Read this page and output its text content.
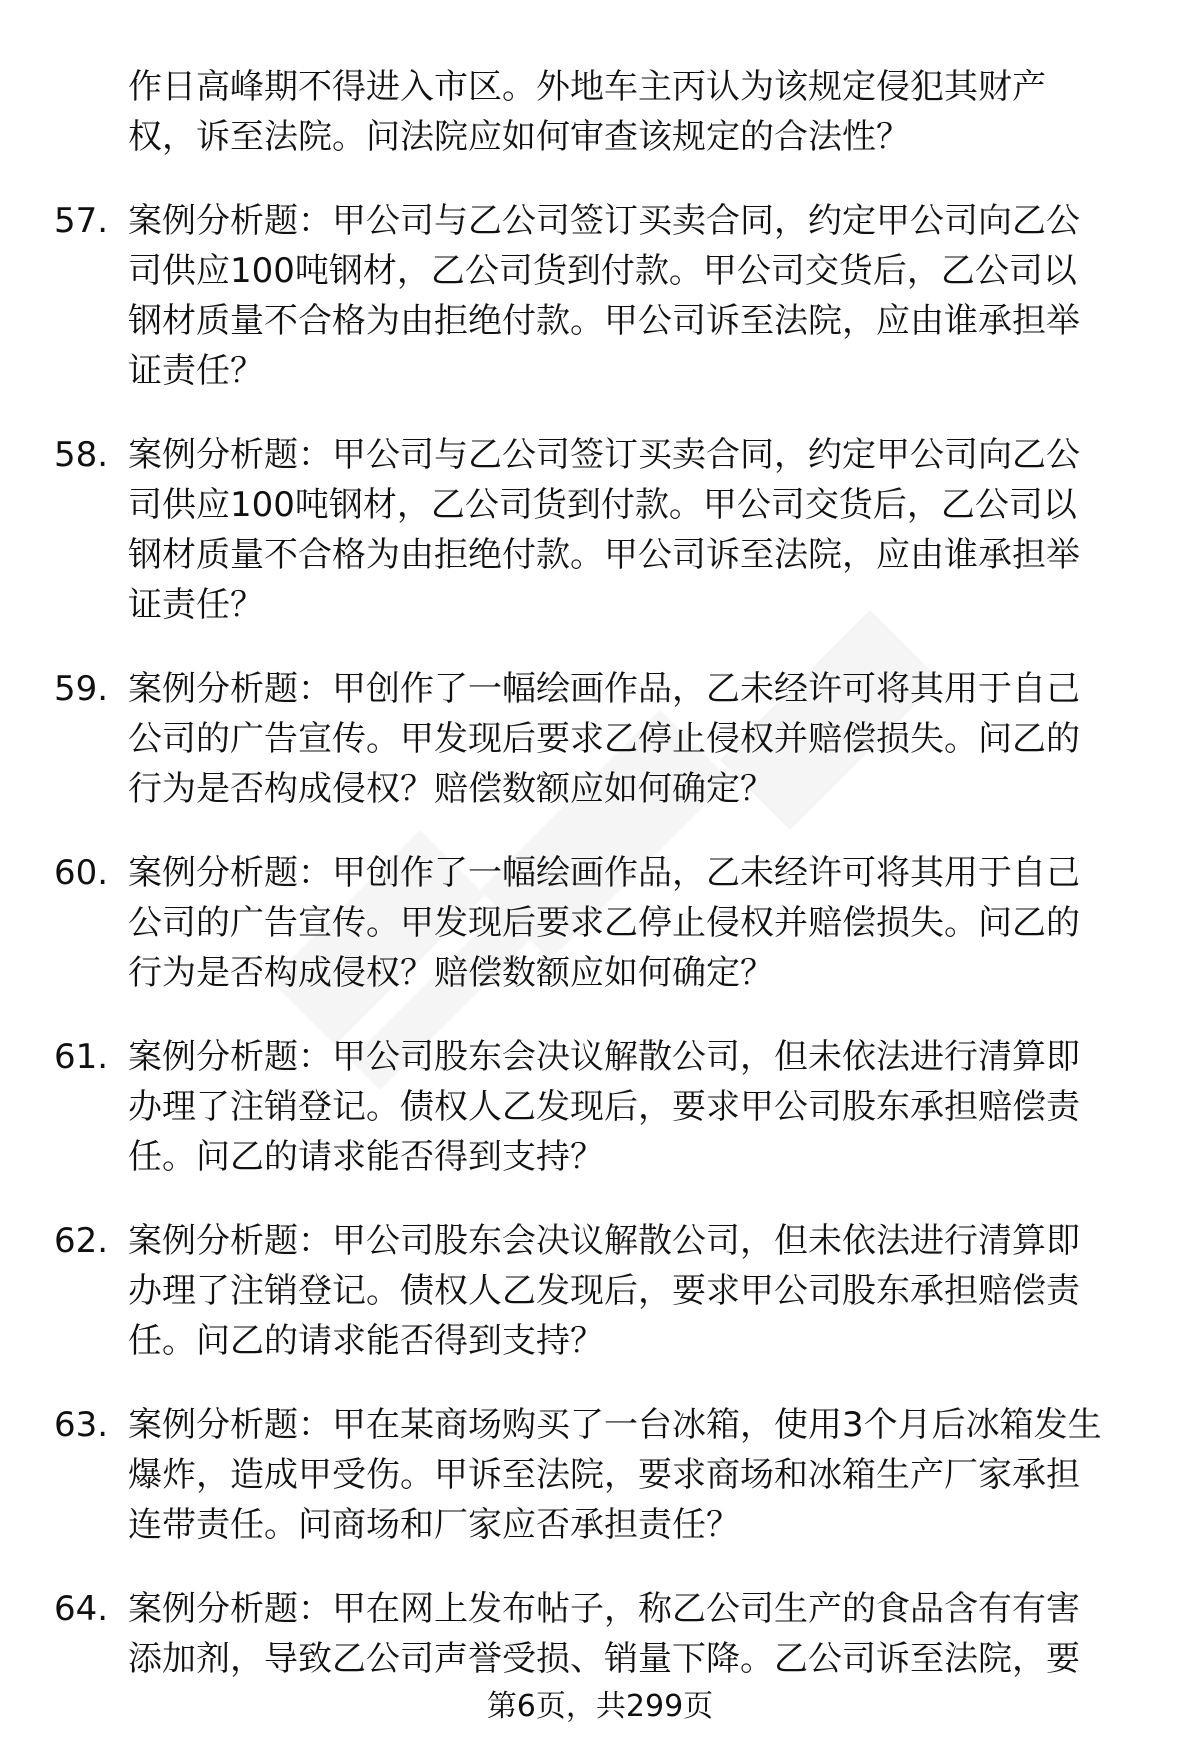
作日高峰期不得进入市区。外地车主丙认为该规定侵犯其财产
权，诉至法院。问法院应如何审查该规定的合法性？
57. 案例分析题：甲公司与乙公司签订买卖合同，约定甲公司向乙公
司供应100吨钢材，乙公司货到付款。甲公司交货后，乙公司以
钢材质量不合格为由拒绝付款。甲公司诉至法院，应由谁承担举
证责任？
58. 案例分析题：甲公司与乙公司签订买卖合同，约定甲公司向乙公
司供应100吨钢材，乙公司货到付款。甲公司交货后，乙公司以
钢材质量不合格为由拒绝付款。甲公司诉至法院，应由谁承担举
证责任？
59. 案例分析题：甲创作了一幅绘画作品，乙未经许可将其用于自己
公司的广告宣传。甲发现后要求乙停止侵权并赔偿损失。问乙的
行为是否构成侵权？赔偿数额应如何确定？
60. 案例分析题：甲创作了一幅绘画作品，乙未经许可将其用于自己
公司的广告宣传。甲发现后要求乙停止侵权并赔偿损失。问乙的
行为是否构成侵权？赔偿数额应如何确定？
61. 案例分析题：甲公司股东会决议解散公司，但未依法进行清算即
办理了注销登记。债权人乙发现后，要求甲公司股东承担赔偿责
任。问乙的请求能否得到支持？
62. 案例分析题：甲公司股东会决议解散公司，但未依法进行清算即
办理了注销登记。债权人乙发现后，要求甲公司股东承担赔偿责
任。问乙的请求能否得到支持？
63. 案例分析题：甲在某商场购买了一台冰箱，使用3个月后冰箱发生
爆炸，造成甲受伤。甲诉至法院，要求商场和冰箱生产厂家承担
连带责任。问商场和厂家应否承担责任？
64. 案例分析题：甲在网上发布帖子，称乙公司生产的食品含有有害
添加剂，导致乙公司声誉受损、销量下降。乙公司诉至法院，要
第6页，共299页
